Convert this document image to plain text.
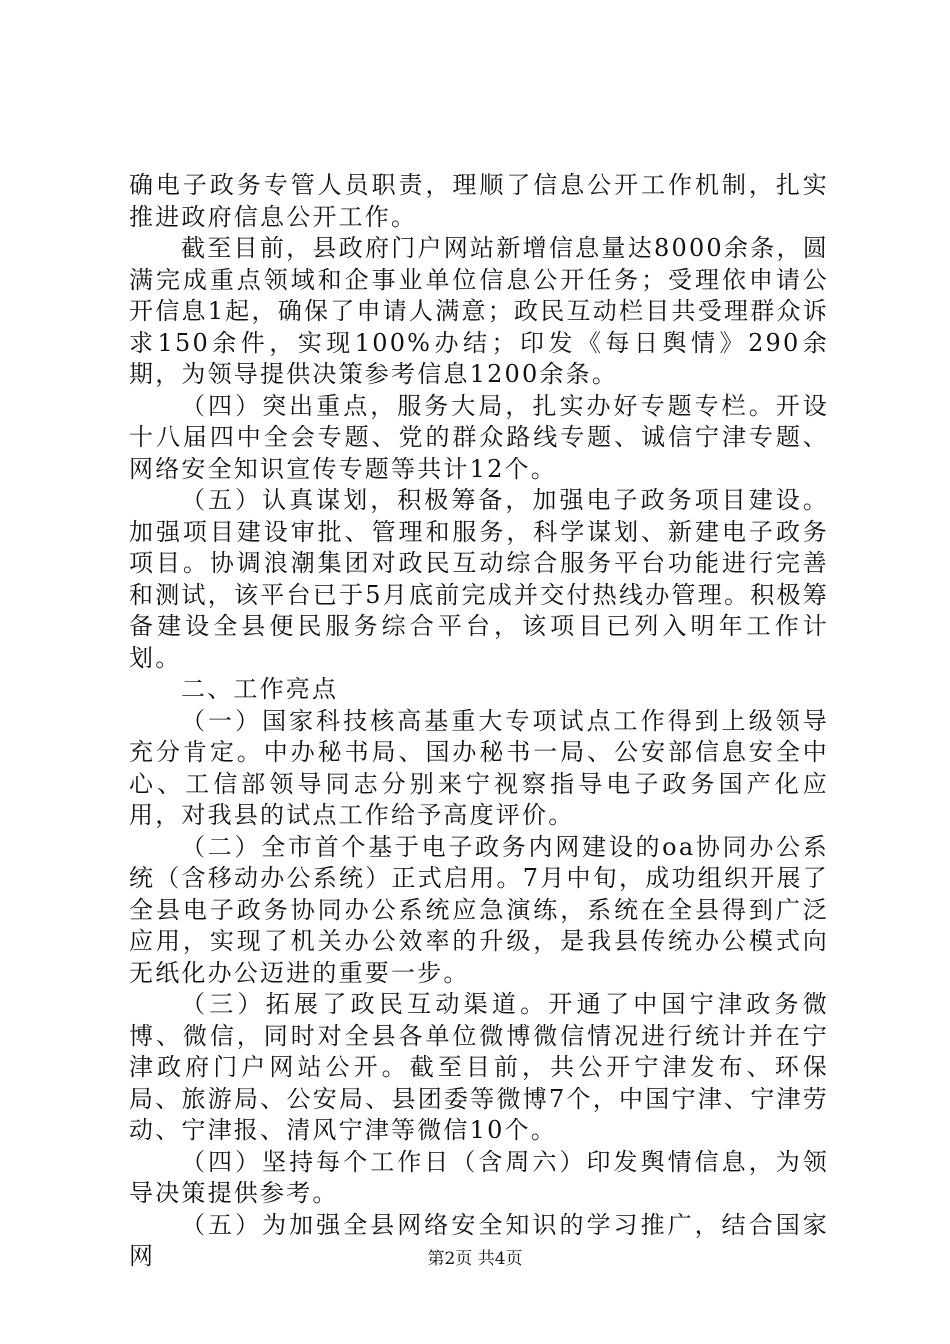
确电子政务专管人员职责，理顺了信息公开工作机制，扎实推进政府信息公开工作。

截至目前，县政府门户网站新增信息量达8000余条，圆满完成重点领域和企事业单位信息公开任务；受理依申请公开信息1起，确保了申请人满意；政民互动栏目共受理群众诉求150余件，实现100%办结；印发《每日舆情》290余期，为领导提供决策参考信息1200余条。

（四）突出重点，服务大局，扎实办好专题专栏。开设十八届四中全会专题、党的群众路线专题、诚信宁津专题、网络安全知识宣传专题等共计12个。

（五）认真谋划，积极筹备，加强电子政务项目建设。加强项目建设审批、管理和服务，科学谋划、新建电子政务项目。协调浪潮集团对政民互动综合服务平台功能进行完善和测试，该平台已于5月底前完成并交付热线办管理。积极筹备建设全县便民服务综合平台，该项目已列入明年工作计划。

二、工作亮点

（一）国家科技核高基重大专项试点工作得到上级领导充分肯定。中办秘书局、国办秘书一局、公安部信息安全中心、工信部领导同志分别来宁视察指导电子政务国产化应用，对我县的试点工作给予高度评价。

（二）全市首个基于电子政务内网建设的oa协同办公系统（含移动办公系统）正式启用。7月中旬，成功组织开展了全县电子政务协同办公系统应急演练，系统在全县得到广泛应用，实现了机关办公效率的升级，是我县传统办公模式向无纸化办公迈进的重要一步。

（三）拓展了政民互动渠道。开通了中国宁津政务微博、微信，同时对全县各单位微博微信情况进行统计并在宁津政府门户网站公开。截至目前，共公开宁津发布、环保局、旅游局、公安局、县团委等微博7个，中国宁津、宁津劳动、宁津报、清风宁津等微信10个。

（四）坚持每个工作日（含周六）印发舆情信息，为领导决策提供参考。

（五）为加强全县网络安全知识的学习推广，结合国家网	第2页 共4页
